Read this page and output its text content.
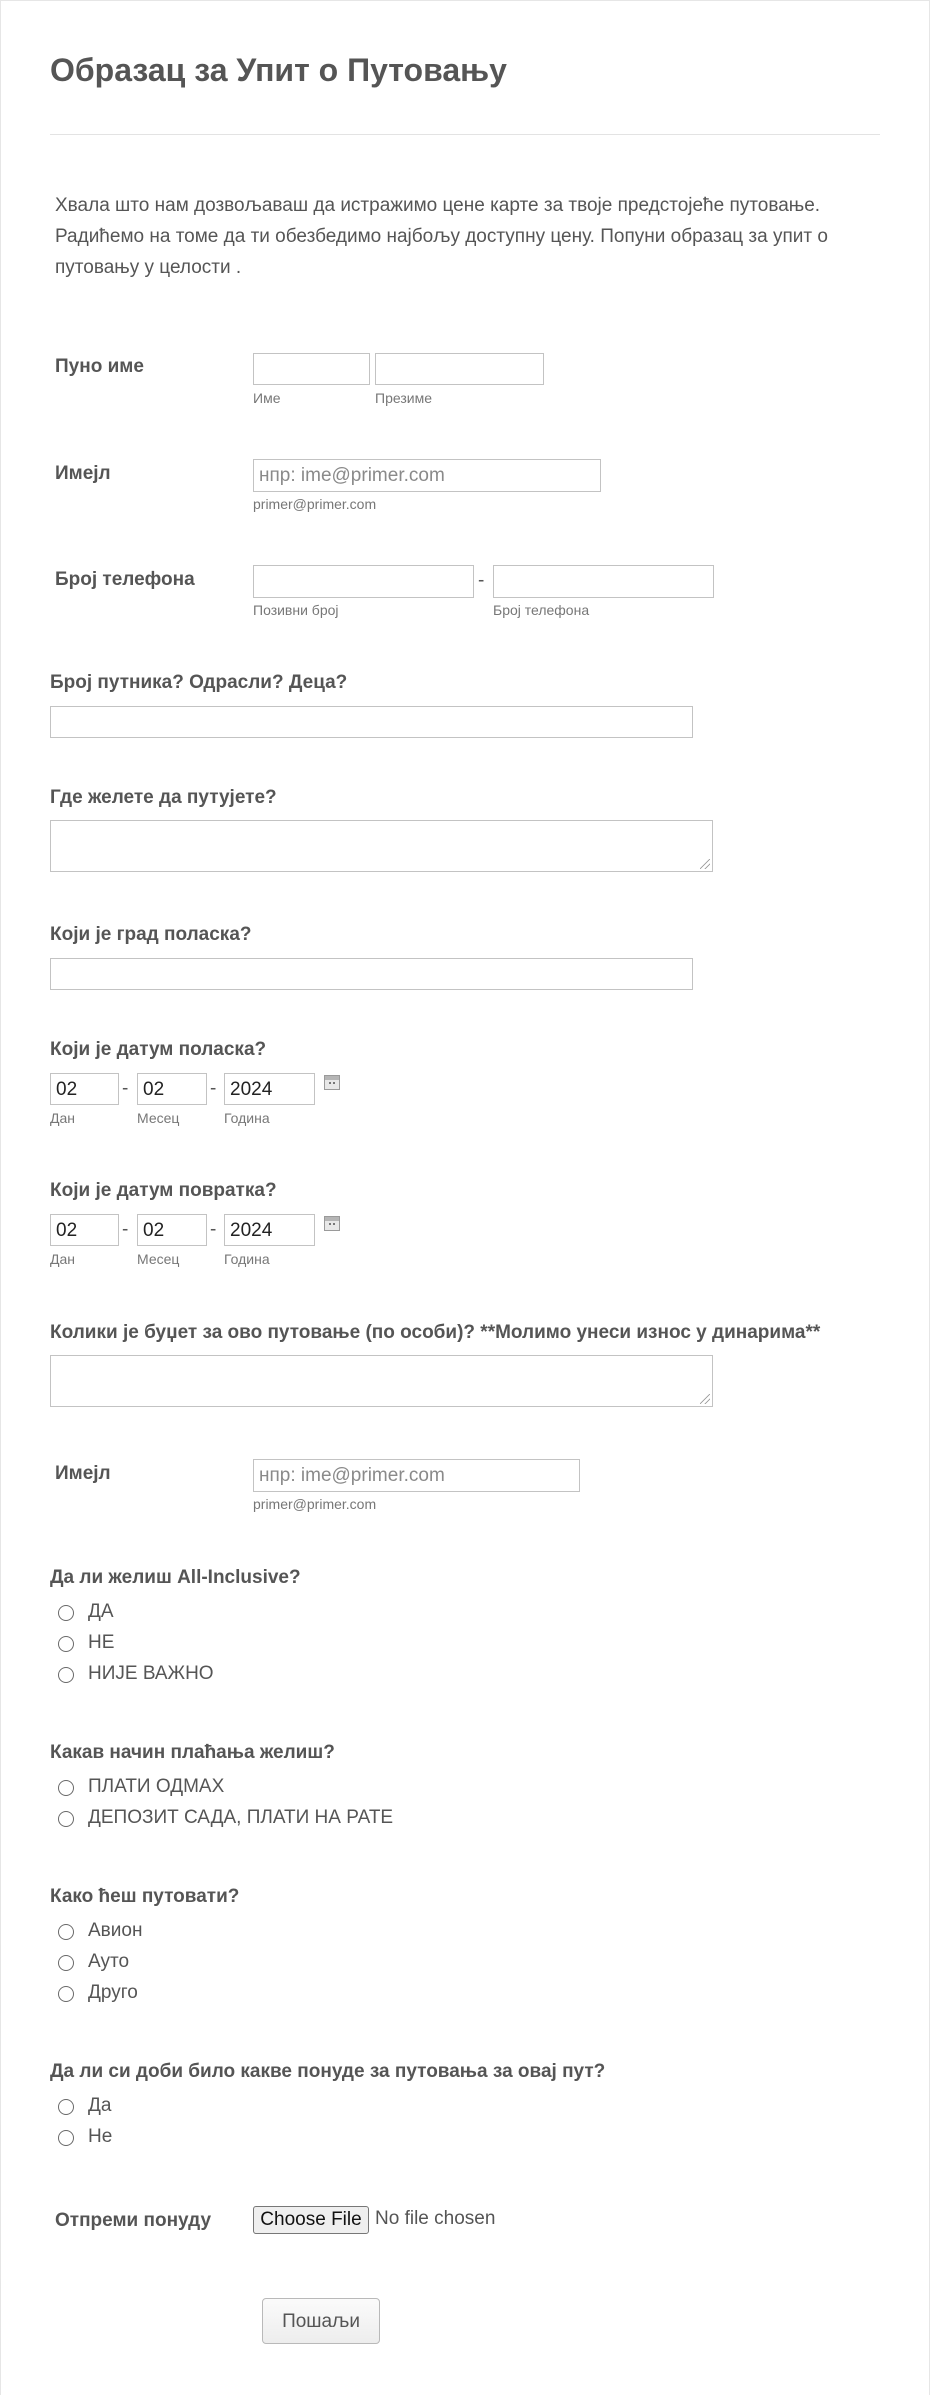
Образац за Упит о Путовању
Хвала што нам дозвољаваш да истражимо цене карте за твоје предстојеће путовање. Радићемо на томе да ти обезбедимо најбољу доступну цену. Попуни образац за упит о путовању у целости .
Пуно име
Име	Презиме
Имејл	нпр: ime@primer.com
primer@primer.com
Број телефона	-
Позивни број	Број телефона
Број путника? Одрасли? Деца?
Где желете да путујете?
Који је град поласка?
Који је датум поласка?
02	- 02	- 2024
Дан	Месец	Година
Који је датум повратка?
02	- 02	- 2024
Дан	Месец	Година
Колики је буџет за ово путовање (по особи)? **Молимо унеси износ у динарима**
Имејл	нпр: ime@primer.com
primer@primer.com
Да ли желиш All-Inclusive?
ДА
НЕ
НИЈЕ ВАЖНО
Какав начин плаћања желиш?
ПЛАТИ ОДМАХ
ДЕПОЗИТ САДА, ПЛАТИ НА РАТЕ
Како ћеш путовати?
Авион
Ауто
Друго
Да ли си доби било какве понуде за путовања за овај пут?
Да
Не
Отпреми понуду	Choose File No file chosen
Пошаљи
